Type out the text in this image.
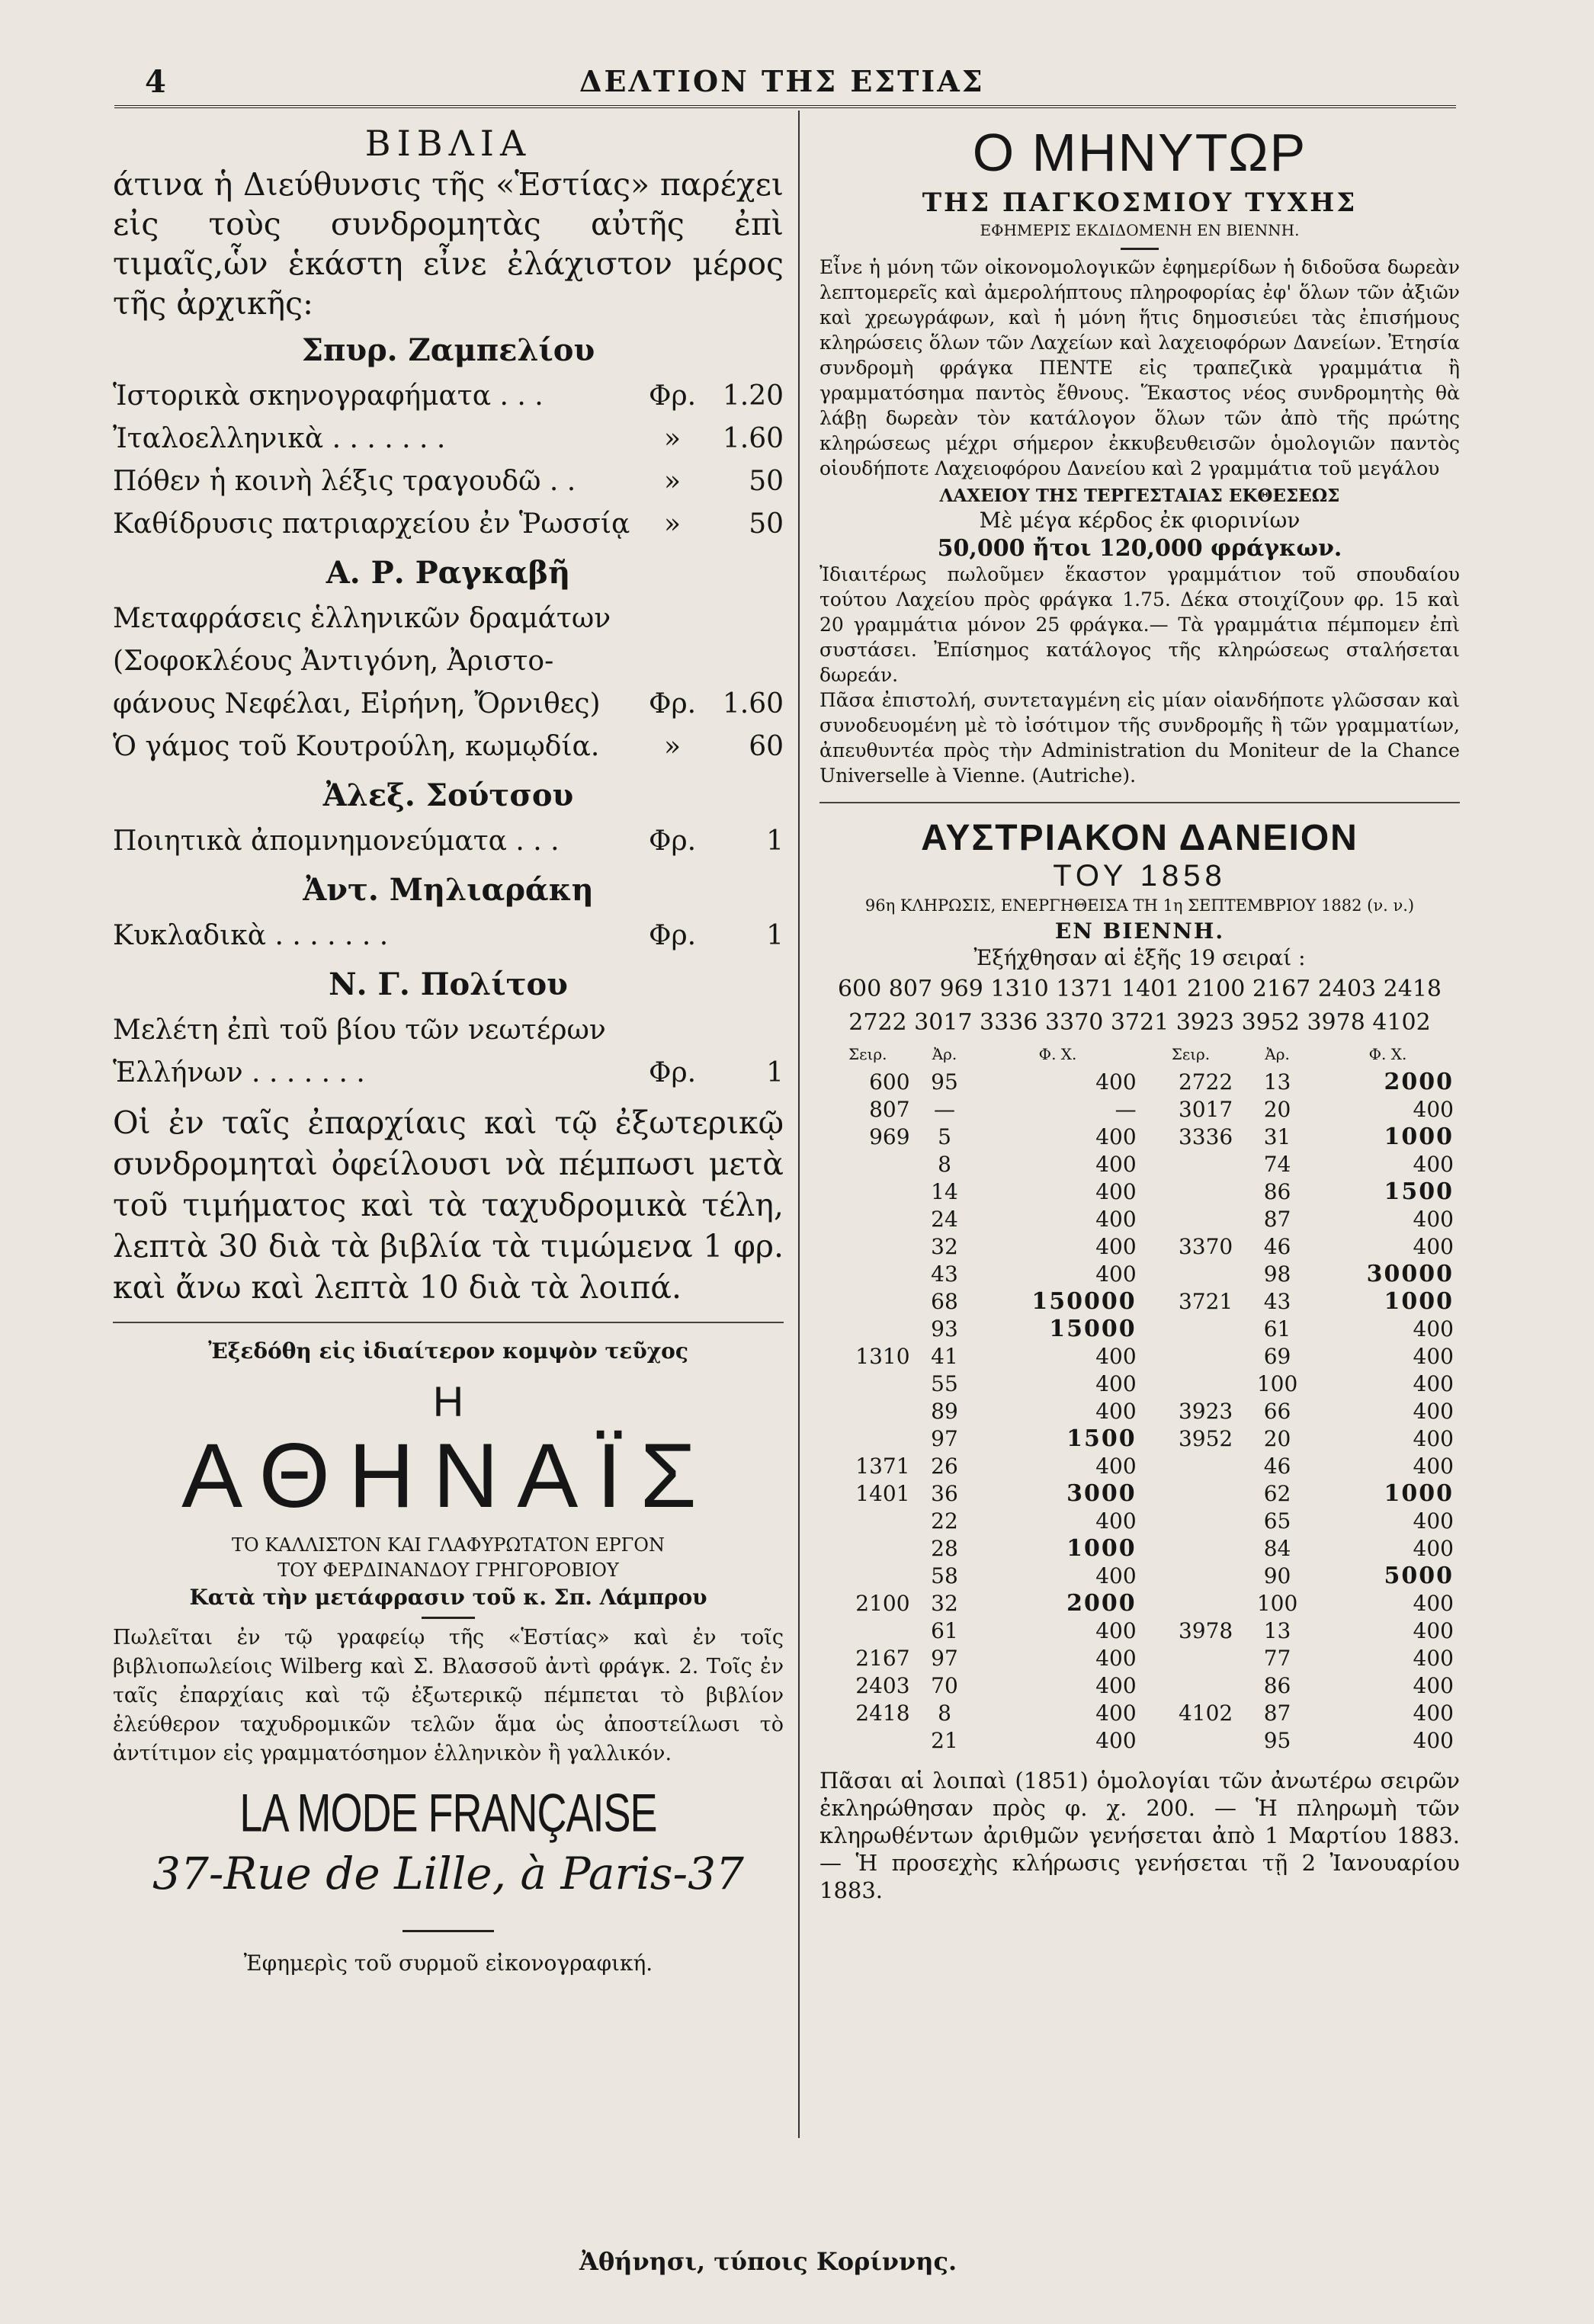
4	ΔΕΛΤΙΟΝ ΤΗΣ ΕΣΤΙΑΣ
ΒΙΒΛΙΑ
άτινα ἡ Διεύθυνσις τῆς «Ἑστίας» παρέχει εἰς τοὺς συνδρομητὰς αὐτῆς ἐπὶ τιμαῖς,ὧν ἑκάστη εἶνε ἐλάχιστον μέρος τῆς ἀρχικῆς:
Σπυρ. Ζαμπελίου
Ἱστορικὰ σκηνογραφήματα . . .	Φρ. 1.20
Ἰταλοελληνικὰ . . . . . . .	»	1.60
Πόθεν ἡ κοινὴ λέξις τραγουδῶ . .	»	50
Καθίδρυσις πατριαρχείου ἐν Ῥωσσίᾳ	»	50
Α. Ρ. Ραγκαβῆ
Μεταφράσεις ἑλληνικῶν δραμάτων
(Σοφοκλέους Ἀντιγόνη, Ἀριστο-
φάνους Νεφέλαι, Εἰρήνη, Ὄρνιθες)	Φρ. 1.60
Ὁ γάμος τοῦ Κουτρούλη, κωμῳδία.	»	60
Ἀλεξ. Σούτσου
Ποιητικὰ ἀπομνημονεύματα . . .	Φρ.	1
Ἀντ. Μηλιαράκη
Κυκλαδικὰ . . . . . . .	Φρ.	1
Ν. Γ. Πολίτου
Μελέτη ἐπὶ τοῦ βίου τῶν νεωτέρων
Ἑλλήνων . . . . . . .	Φρ.	1
Οἱ ἐν ταῖς ἐπαρχίαις καὶ τῷ ἐξωτερικῷ συνδρομηταὶ ὀφείλουσι νὰ πέμπωσι μετὰ τοῦ τιμήματος καὶ τὰ ταχυδρομικὰ τέλη, λεπτὰ 30 διὰ τὰ βιβλία τὰ τιμώμενα 1 φρ. καὶ ἄνω καὶ λεπτὰ 10 διὰ τὰ λοιπά.
Ἐξεδόθη εἰς ἰδιαίτερον κομψὸν τεῦχος
Η
ΑΘΗΝΑΪΣ
ΤΟ ΚΑΛΛΙΣΤΟΝ ΚΑΙ ΓΛΑΦΥΡΩΤΑΤΟΝ ΕΡΓΟΝ
ΤΟΥ ΦΕΡΔΙΝΑΝΔΟΥ ΓΡΗΓΟΡΟΒΙΟΥ
Κατὰ τὴν μετάφρασιν τοῦ κ. Σπ. Λάμπρου
Πωλεῖται ἐν τῷ γραφείῳ τῆς «Ἑστίας» καὶ ἐν τοῖς βιβλιοπωλείοις Wilberg καὶ Σ. Βλασσοῦ ἀντὶ φράγκ. 2. Τοῖς ἐν ταῖς ἐπαρχίαις καὶ τῷ ἐξωτερικῷ πέμπεται τὸ βιβλίον ἐλεύθερον ταχυδρομικῶν τελῶν ἅμα ὡς ἀποστείλωσι τὸ ἀντίτιμον εἰς γραμματόσημον ἑλληνικὸν ἢ γαλλικόν.
LA MODE FRANÇAISE
37-Rue de Lille, à Paris-37
Ἐφημερὶς τοῦ συρμοῦ εἰκονογραφική.
Ο ΜΗΝΥΤΩΡ
ΤΗΣ ΠΑΓΚΟΣΜΙΟΥ ΤΥΧΗΣ
ΕΦΗΜΕΡΙΣ ΕΚΔΙΔΟΜΕΝΗ ΕΝ ΒΙΕΝΝΗ.
Εἶνε ἡ μόνη τῶν οἰκονομολογικῶν ἐφημερίδων ἡ διδοῦσα δωρεὰν λεπτομερεῖς καὶ ἀμερολήπτους πληροφορίας ἐφ' ὅλων τῶν ἀξιῶν καὶ χρεωγράφων, καὶ ἡ μόνη ἥτις δημοσιεύει τὰς ἐπισήμους κληρώσεις ὅλων τῶν Λαχείων καὶ λαχειοφόρων Δανείων. Ἐτησία συνδρομὴ φράγκα ΠΕΝΤΕ εἰς τραπεζικὰ γραμμάτια ἢ γραμματόσημα παντὸς ἔθνους. Ἕκαστος νέος συνδρομητὴς θὰ λάβῃ δωρεὰν τὸν κατάλογον ὅλων τῶν ἀπὸ τῆς πρώτης κληρώσεως μέχρι σήμερον ἐκκυβευθεισῶν ὁμολογιῶν παντὸς οἱουδήποτε Λαχειοφόρου Δανείου καὶ 2 γραμμάτια τοῦ μεγάλου
ΛΑΧΕΙΟΥ ΤΗΣ ΤΕΡΓΕΣΤΑΙΑΣ ΕΚΘΕΣΕΩΣ
Μὲ μέγα κέρδος ἐκ φιορινίων
50,000 ἤτοι 120,000 φράγκων.
Ἰδιαιτέρως πωλοῦμεν ἕκαστον γραμμάτιον τοῦ σπουδαίου τούτου Λαχείου πρὸς φράγκα 1.75. Δέκα στοιχίζουν φρ. 15 καὶ 20 γραμμάτια μόνον 25 φράγκα.— Τὰ γραμμάτια πέμπομεν ἐπὶ συστάσει. Ἐπίσημος κατάλογος τῆς κληρώσεως σταλήσεται δωρεάν.
Πᾶσα ἐπιστολή, συντεταγμένη εἰς μίαν οἱανδήποτε γλῶσσαν καὶ συνοδευομένη μὲ τὸ ἰσότιμον τῆς συνδρομῆς ἢ τῶν γραμματίων, ἀπευθυντέα πρὸς τὴν Administration du Moniteur de la Chance Universelle à Vienne. (Autriche).
ΑΥΣΤΡΙΑΚΟΝ ΔΑΝΕΙΟΝ
ΤΟΥ 1858
96η ΚΛΗΡΩΣΙΣ, ΕΝΕΡΓΗΘΕΙΣΑ ΤΗ 1η ΣΕΠΤΕΜΒΡΙΟΥ 1882 (ν. ν.)
ΕΝ ΒΙΕΝΝΗ.
Ἐξήχθησαν αἱ ἑξῆς 19 σειραί :
600 807 969 1310 1371 1401 2100 2167 2403 2418
2722 3017 3336 3370 3721 3923 3952 3978 4102
Σειρ.	Ἀρ.	Φ. Χ.	Σειρ.	Ἀρ.	Φ. Χ.
600	95	400	2722	13	2000
807	—	—	3017	20	400
969	5	400	3336	31	1000
	8	400		74	400
	14	400		86	1500
	24	400		87	400
	32	400	3370	46	400
	43	400		98	30000
	68	150000	3721	43	1000
	93	15000		61	400
1310	41	400		69	400
	55	400		100	400
	89	400	3923	66	400
	97	1500	3952	20	400
1371	26	400		46	400
1401	36	3000		62	1000
	22	400		65	400
	28	1000		84	400
	58	400		90	5000
2100	32	2000		100	400
	61	400	3978	13	400
2167	97	400		77	400
2403	70	400		86	400
2418	8	400	4102	87	400
	21	400		95	400
Πᾶσαι αἱ λοιπαὶ (1851) ὁμολογίαι τῶν ἀνωτέρω σειρῶν ἐκληρώθησαν πρὸς φ. χ. 200. — Ἡ πληρωμὴ τῶν κληρωθέντων ἀριθμῶν γενήσεται ἀπὸ 1 Μαρτίου 1883.— Ἡ προσεχὴς κλήρωσις γενήσεται τῇ 2 Ἰανουαρίου 1883.
Ἀθήνησι, τύποις Κορίννης.
